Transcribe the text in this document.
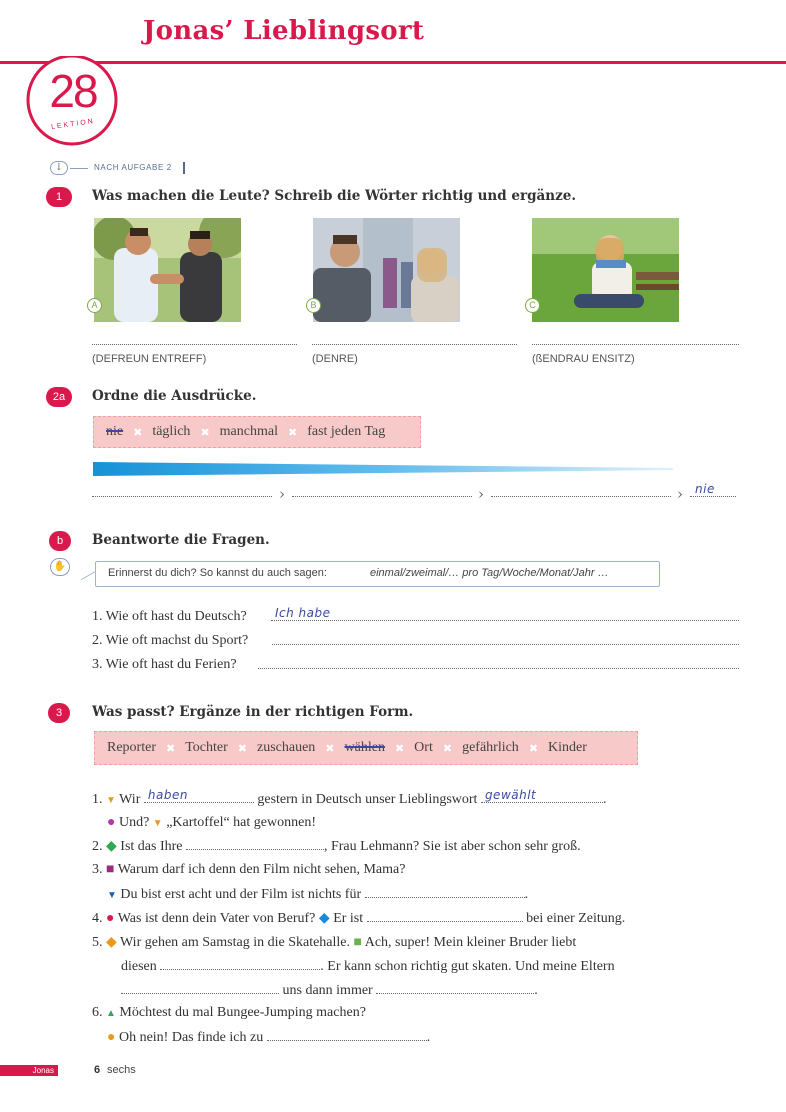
Jonas’ Lieblingsort
28
LEKTION
↓	NACH AUFGABE 2
1	Was machen die Leute? Schreib die Wörter richtig und ergänze.
A	B	C
(DEFREUN ENTREFF)	(DENRE)	(ßENDRAU ENSITZ)
2a	Ordne die Ausdrücke.
nie ✖ täglich ✖ manchmal ✖ fast jeden Tag
›	›	› nie
b	Beantworte die Fragen.
✋
Erinnerst du dich? So kannst du auch sagen:	einmal/zweimal/… pro Tag/Woche/Monat/Jahr …
1. Wie oft hast du Deutsch? Ich habe
2. Wie oft machst du Sport?
3. Wie oft hast du Ferien?
3	Was passt? Ergänze in der richtigen Form.
Reporter ✖ Tochter ✖ zuschauen ✖ wählen ✖ Ort ✖ gefährlich ✖ Kinder
1. ▼ Wir haben	gestern in Deutsch unser Lieblingswort gewählt	.
● Und? ▼ „Kartoffel“ hat gewonnen!
2. ◆ Ist das Ihre	, Frau Lehmann? Sie ist aber schon sehr groß.
3. ■ Warum darf ich denn den Film nicht sehen, Mama?
▼ Du bist erst acht und der Film ist nichts für	.
4. ● Was ist denn dein Vater von Beruf? ◆ Er ist	bei einer Zeitung.
5. ◆ Wir gehen am Samstag in die Skatehalle. ■ Ach, super! Mein kleiner Bruder liebt
diesen	. Er kann schon richtig gut skaten. Und meine Eltern
uns dann immer	.
6. ▲ Möchtest du mal Bungee-Jumping machen?
● Oh nein! Das finde ich zu	.
Jonas	6 sechs
